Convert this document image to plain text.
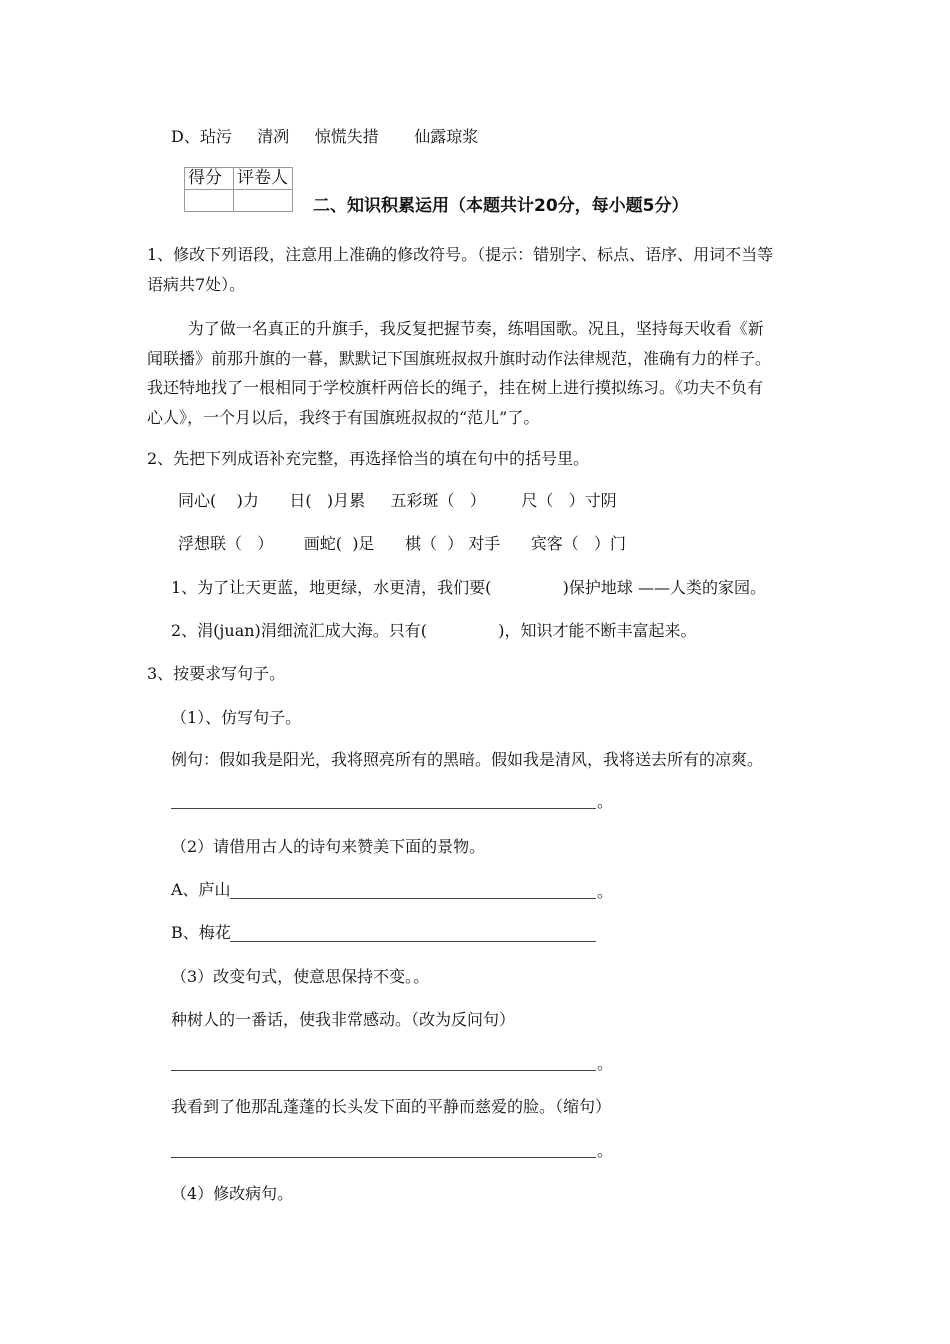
D、玷污     清冽     惊慌失措       仙露琼浆
得分	评卷人

二、知识积累运用（本题共计20分，每小题5分）
1、修改下列语段，注意用上准确的修改符号。（提示：错别字、标点、语序、用词不当等
语病共7处）。
为了做一名真正的升旗手，我反复把握节奏，练唱国歌。况且，坚持每天收看《新
闻联播》前那升旗的一暮，默默记下国旗班叔叔升旗时动作法律规范，准确有力的样子。
我还特地找了一根相同于学校旗杆两倍长的绳子，挂在树上进行摸拟练习。《功夫不负有
心人》，一个月以后，我终于有国旗班叔叔的“范儿”了。
2、先把下列成语补充完整，再选择恰当的填在句中的括号里。
同心(    )力      日(   )月累     五彩斑（   ）       尺（   ）寸阴
浮想联（   ）      画蛇(  )足      棋（  ） 对手      宾客（   ）门
1、为了让天更蓝，地更绿，水更清，我们要(              )保护地球 ——人类的家园。
2、涓(juan)涓细流汇成大海。只有(              )，知识才能不断丰富起来。
3、按要求写句子。
（1）、仿写句子。
例句：假如我是阳光，我将照亮所有的黑暗。假如我是清风，我将送去所有的凉爽。
。
（2）请借用古人的诗句来赞美下面的景物。
A、庐山	。
B、梅花
（3）改变句式，使意思保持不变。。
种树人的一番话，使我非常感动。（改为反问句）
。
我看到了他那乱蓬蓬的长头发下面的平静而慈爱的脸。（缩句）
。
（4）修改病句。
